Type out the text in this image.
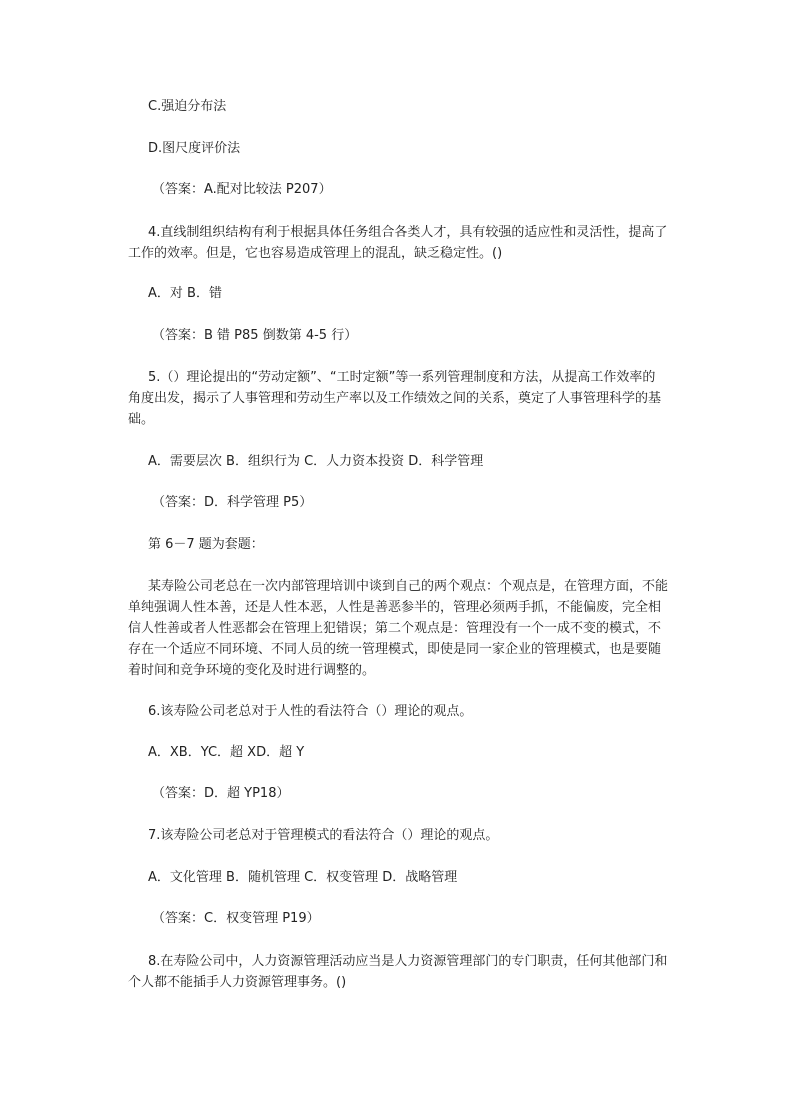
C.强迫分布法
D.图尺度评价法
（答案：A.配对比较法 P207）
4.直线制组织结构有利于根据具体任务组合各类人才，具有较强的适应性和灵活性，提高了工作的效率。但是，它也容易造成管理上的混乱，缺乏稳定性。()
A．对 B．错
（答案：B 错 P85 倒数第 4-5 行）
5.（）理论提出的“劳动定额”、“工时定额”等一系列管理制度和方法，从提高工作效率的角度出发，揭示了人事管理和劳动生产率以及工作绩效之间的关系，奠定了人事管理科学的基础。
A．需要层次 B．组织行为 C．人力资本投资 D．科学管理
（答案：D．科学管理 P5）
第 6－7 题为套题：
某寿险公司老总在一次内部管理培训中谈到自己的两个观点：个观点是，在管理方面，不能单纯强调人性本善，还是人性本恶，人性是善恶参半的，管理必须两手抓，不能偏废，完全相信人性善或者人性恶都会在管理上犯错误；第二个观点是：管理没有一个一成不变的模式，不存在一个适应不同环境、不同人员的统一管理模式，即使是同一家企业的管理模式，也是要随着时间和竞争环境的变化及时进行调整的。
6.该寿险公司老总对于人性的看法符合（）理论的观点。
A．XB．YC．超 XD．超 Y
（答案：D．超 YP18）
7.该寿险公司老总对于管理模式的看法符合（）理论的观点。
A．文化管理 B．随机管理 C．权变管理 D．战略管理
（答案：C．权变管理 P19）
8.在寿险公司中，人力资源管理活动应当是人力资源管理部门的专门职责，任何其他部门和个人都不能插手人力资源管理事务。()
